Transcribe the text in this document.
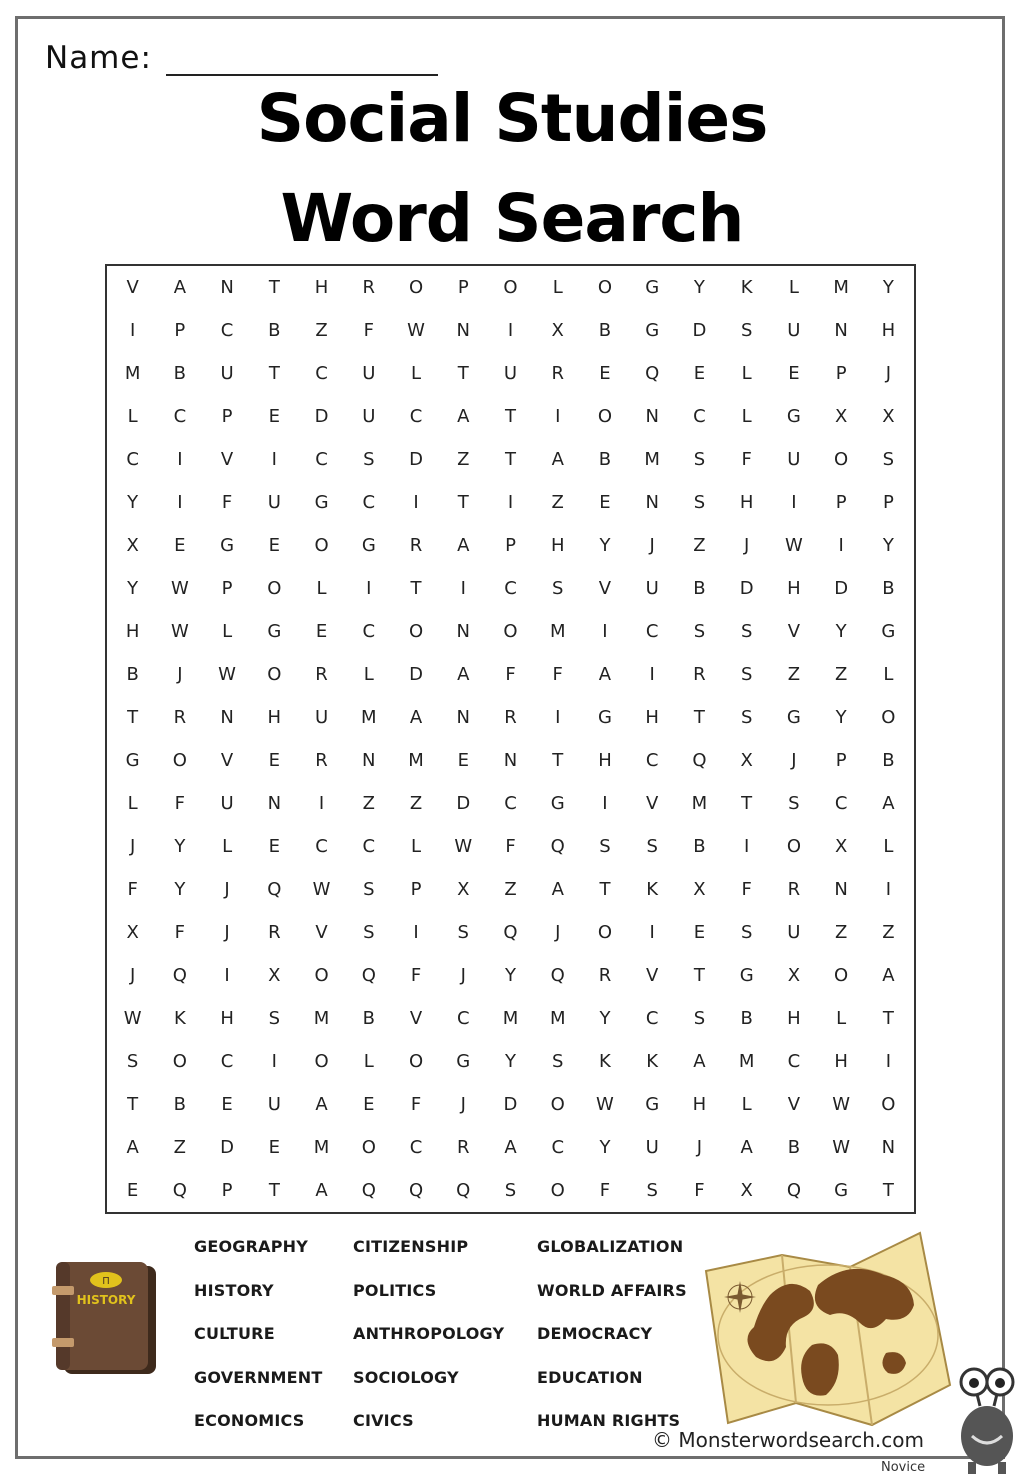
Name:
Social Studies
Word Search
V	A	N	T	H	R	O	P	O	L	O	G	Y	K	L	M	Y
I	P	C	B	Z	F	W	N	I	X	B	G	D	S	U	N	H
M	B	U	T	C	U	L	T	U	R	E	Q	E	L	E	P	J
L	C	P	E	D	U	C	A	T	I	O	N	C	L	G	X	X
C	I	V	I	C	S	D	Z	T	A	B	M	S	F	U	O	S
Y	I	F	U	G	C	I	T	I	Z	E	N	S	H	I	P	P
X	E	G	E	O	G	R	A	P	H	Y	J	Z	J	W	I	Y
Y	W	P	O	L	I	T	I	C	S	V	U	B	D	H	D	B
H	W	L	G	E	C	O	N	O	M	I	C	S	S	V	Y	G
B	J	W	O	R	L	D	A	F	F	A	I	R	S	Z	Z	L
T	R	N	H	U	M	A	N	R	I	G	H	T	S	G	Y	O
G	O	V	E	R	N	M	E	N	T	H	C	Q	X	J	P	B
L	F	U	N	I	Z	Z	D	C	G	I	V	M	T	S	C	A
J	Y	L	E	C	C	L	W	F	Q	S	S	B	I	O	X	L
F	Y	J	Q	W	S	P	X	Z	A	T	K	X	F	R	N	I
X	F	J	R	V	S	I	S	Q	J	O	I	E	S	U	Z	Z
J	Q	I	X	O	Q	F	J	Y	Q	R	V	T	G	X	O	A
W	K	H	S	M	B	V	C	M	M	Y	C	S	B	H	L	T
S	O	C	I	O	L	O	G	Y	S	K	K	A	M	C	H	I
T	B	E	U	A	E	F	J	D	O	W	G	H	L	V	W	O
A	Z	D	E	M	O	C	R	A	C	Y	U	J	A	B	W	N
E	Q	P	T	A	Q	Q	Q	S	O	F	S	F	X	Q	G	T
GEOGRAPHY
HISTORY
CULTURE
GOVERNMENT
ECONOMICS
CITIZENSHIP
POLITICS
ANTHROPOLOGY
SOCIOLOGY
CIVICS
GLOBALIZATION
WORLD AFFAIRS
DEMOCRACY
EDUCATION
HUMAN RIGHTS
Π
HISTORY
© Monsterwordsearch.com
Novice
